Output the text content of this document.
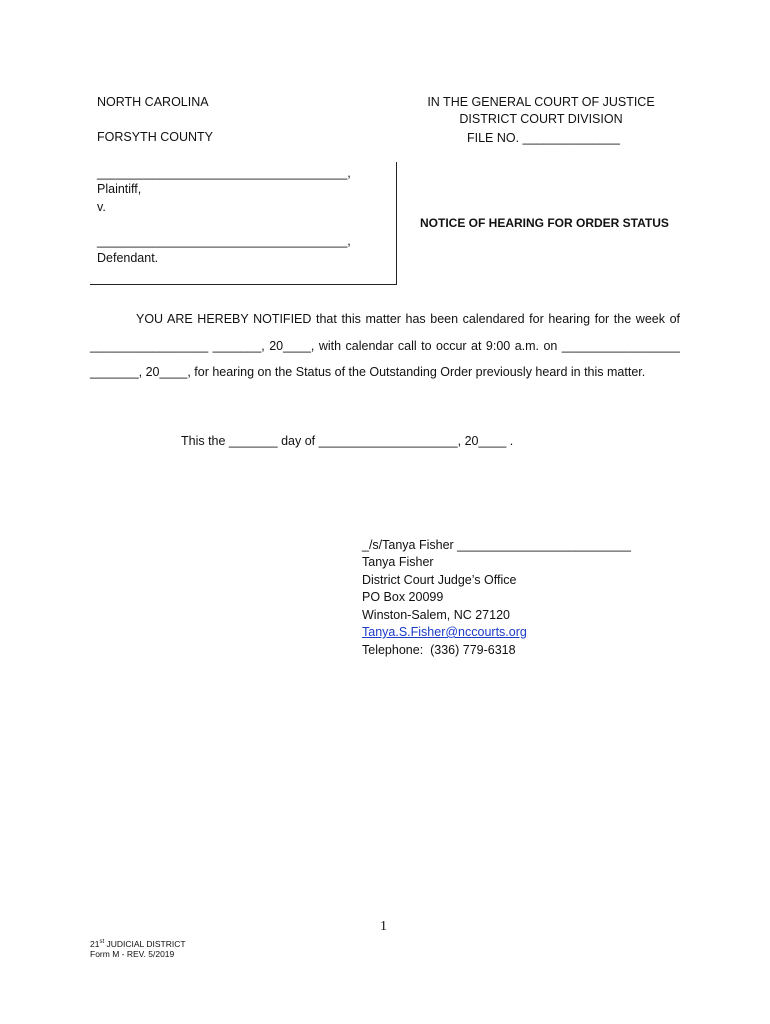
NORTH CAROLINA
FORSYTH COUNTY
IN THE GENERAL COURT OF JUSTICE
DISTRICT COURT DIVISION
FILE NO. ______________
____________________________________,
Plaintiff,
v.
____________________________________,
Defendant.
NOTICE OF HEARING FOR ORDER STATUS
YOU ARE HEREBY NOTIFIED that this matter has been calendared for hearing for the week of
_________________ _______, 20____, with calendar call to occur at 9:00 a.m. on _________________
_______, 20____, for hearing on the Status of the Outstanding Order previously heard in this matter.
This the _______ day of ____________________, 20____ .
_/s/Tanya Fisher _________________________
Tanya Fisher
District Court Judge’s Office
PO Box 20099
Winston-Salem, NC 27120
Tanya.S.Fisher@nccourts.org
Telephone:  (336) 779-6318
1
21st JUDICIAL DISTRICT
Form M - REV. 5/2019
